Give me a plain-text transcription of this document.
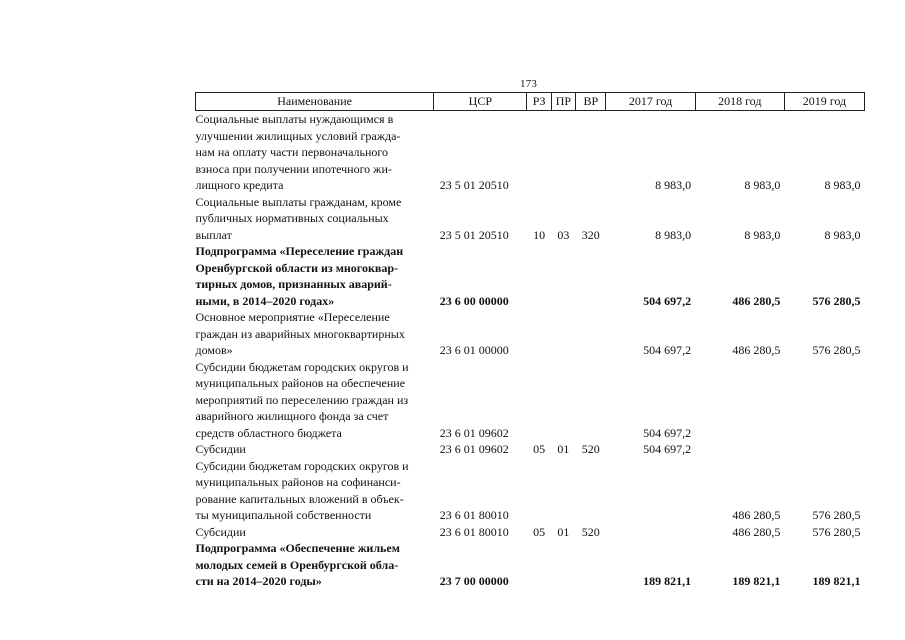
173
Наименование	ЦСР	РЗ	ПР	ВР	2017 год	2018 год	2019 год

Социальные выплаты нуждающимся в
улучшении жилищных условий гражда-
нам на оплату части первоначального
взноса при получении ипотечного жи-
лищного кредита	23 5 01 20510				8 983,0	8 983,0	8 983,0

Социальные выплаты гражданам, кроме
публичных нормативных социальных
выплат	23 5 01 20510	10	03	320	8 983,0	8 983,0	8 983,0

Подпрограмма «Переселение граждан
Оренбургской области из многоквар-
тирных домов, признанных аварий-
ными, в 2014–2020 годах»	23 6 00 00000				504 697,2	486 280,5	576 280,5

Основное мероприятие «Переселение
граждан из аварийных многоквартирных
домов»	23 6 01 00000				504 697,2	486 280,5	576 280,5

Субсидии бюджетам городских округов и
муниципальных районов на обеспечение
мероприятий по переселению граждан из
аварийного жилищного фонда за счет
средств областного бюджета	23 6 01 09602				504 697,2		

Субсидии	23 6 01 09602	05	01	520	504 697,2		

Субсидии бюджетам городских округов и
муниципальных районов на софинанси-
рование капитальных вложений в объек-
ты муниципальной собственности	23 6 01 80010					486 280,5	576 280,5

Субсидии	23 6 01 80010	05	01	520		486 280,5	576 280,5

Подпрограмма «Обеспечение жильем
молодых семей в Оренбургской обла-
сти на 2014–2020 годы»	23 7 00 00000				189 821,1	189 821,1	189 821,1
